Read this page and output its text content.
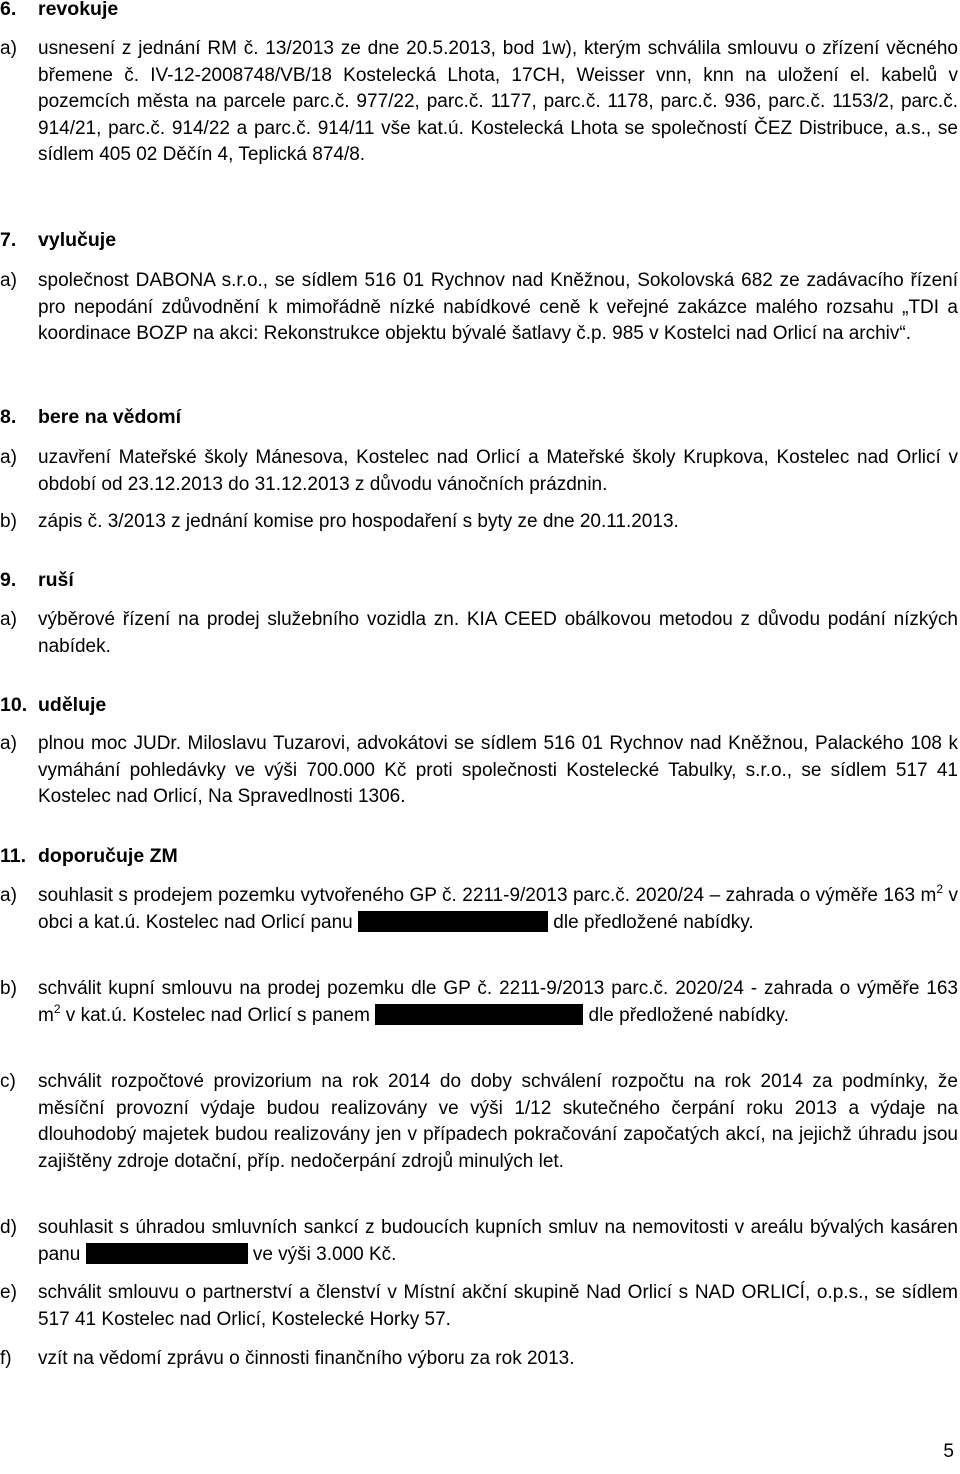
6. revokuje
a) usnesení z jednání RM č. 13/2013 ze dne 20.5.2013, bod 1w), kterým schválila smlouvu o zřízení věcného břemene č. IV-12-2008748/VB/18 Kostelecká Lhota, 17CH, Weisser vnn, knn na uložení el. kabelů v pozemcích města na parcele parc.č. 977/22, parc.č. 1177, parc.č. 1178, parc.č. 936, parc.č. 1153/2, parc.č. 914/21, parc.č. 914/22 a parc.č. 914/11 vše kat.ú. Kostelecká Lhota se společností ČEZ Distribuce, a.s., se sídlem 405 02 Děčín 4, Teplická 874/8.
7. vylučuje
a) společnost DABONA s.r.o., se sídlem 516 01 Rychnov nad Kněžnou, Sokolovská 682 ze zadávacího řízení pro nepodání zdůvodnění k mimořádně nízké nabídkové ceně k veřejné zakázce malého rozsahu „TDI a koordinace BOZP na akci: Rekonstrukce objektu bývalé šatlavy č.p. 985 v Kostelci nad Orlicí na archiv“.
8. bere na vědomí
a) uzavření Mateřské školy Mánesova, Kostelec nad Orlicí a Mateřské školy Krupkova, Kostelec nad Orlicí v období od 23.12.2013 do 31.12.2013 z důvodu vánočních prázdnin.
b) zápis č. 3/2013 z jednání komise pro hospodaření s byty ze dne 20.11.2013.
9. ruší
a) výběrové řízení na prodej služebního vozidla zn. KIA CEED obálkovou metodou z důvodu podání nízkých nabídek.
10. uděluje
a) plnou moc JUDr. Miloslavu Tuzarovi, advokátovi se sídlem 516 01 Rychnov nad Kněžnou, Palackého 108 k vymáhání pohledávky ve výši 700.000 Kč proti společnosti Kostelecké Tabulky, s.r.o., se sídlem 517 41 Kostelec nad Orlicí, Na Spravedlnosti 1306.
11. doporučuje ZM
a) souhlasit s prodejem pozemku vytvořeného GP č. 2211-9/2013 parc.č. 2020/24 – zahrada o výměře 163 $m^2$ v obci a kat.ú. Kostelec nad Orlicí panu	dle předložené nabídky.
b) schválit kupní smlouvu na prodej pozemku dle GP č. 2211-9/2013 parc.č. 2020/24 - zahrada o výměře 163 $m^2$ v kat.ú. Kostelec nad Orlicí s panem	dle předložené nabídky.
c) schválit rozpočtové provizorium na rok 2014 do doby schválení rozpočtu na rok 2014 za podmínky, že měsíční provozní výdaje budou realizovány ve výši 1/12 skutečného čerpání roku 2013 a výdaje na dlouhodobý majetek budou realizovány jen v případech pokračování započatých akcí, na jejichž úhradu jsou zajištěny zdroje dotační, příp. nedočerpání zdrojů minulých let.
d) souhlasit s úhradou smluvních sankcí z budoucích kupních smluv na nemovitosti v areálu bývalých kasáren panu	ve výši 3.000 Kč.
e) schválit smlouvu o partnerství a členství v Místní akční skupině Nad Orlicí s NAD ORLICÍ, o.p.s., se sídlem 517 41 Kostelec nad Orlicí, Kostelecké Horky 57.
f) vzít na vědomí zprávu o činnosti finančního výboru za rok 2013.
5
